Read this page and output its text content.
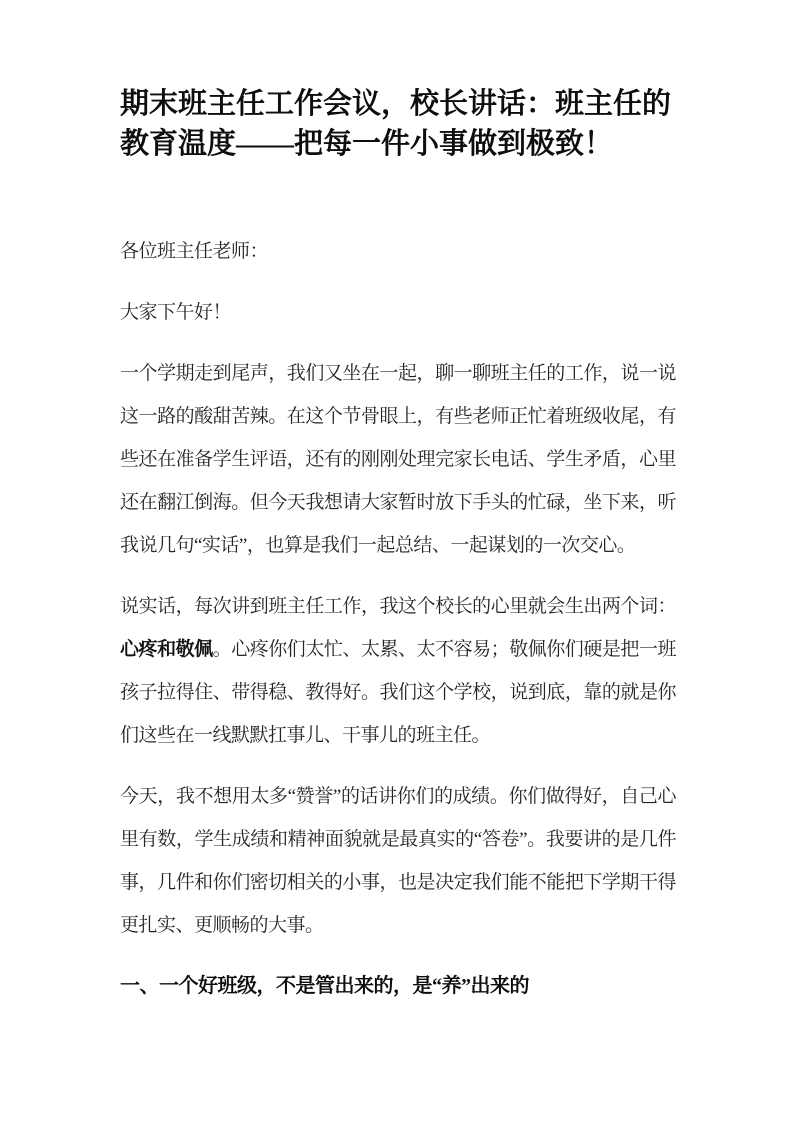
期末班主任工作会议，校长讲话：班主任的教育温度——把每一件小事做到极致！

各位班主任老师：

大家下午好！

一个学期走到尾声，我们又坐在一起，聊一聊班主任的工作，说一说这一路的酸甜苦辣。在这个节骨眼上，有些老师正忙着班级收尾，有些还在准备学生评语，还有的刚刚处理完家长电话、学生矛盾，心里还在翻江倒海。但今天我想请大家暂时放下手头的忙碌，坐下来，听我说几句“实话”，也算是我们一起总结、一起谋划的一次交心。

说实话，每次讲到班主任工作，我这个校长的心里就会生出两个词：心疼和敬佩。心疼你们太忙、太累、太不容易；敬佩你们硬是把一班孩子拉得住、带得稳、教得好。我们这个学校，说到底，靠的就是你们这些在一线默默扛事儿、干事儿的班主任。

今天，我不想用太多“赞誉”的话讲你们的成绩。你们做得好，自己心里有数，学生成绩和精神面貌就是最真实的“答卷”。我要讲的是几件事，几件和你们密切相关的小事，也是决定我们能不能把下学期干得更扎实、更顺畅的大事。

一、一个好班级，不是管出来的，是“养”出来的
